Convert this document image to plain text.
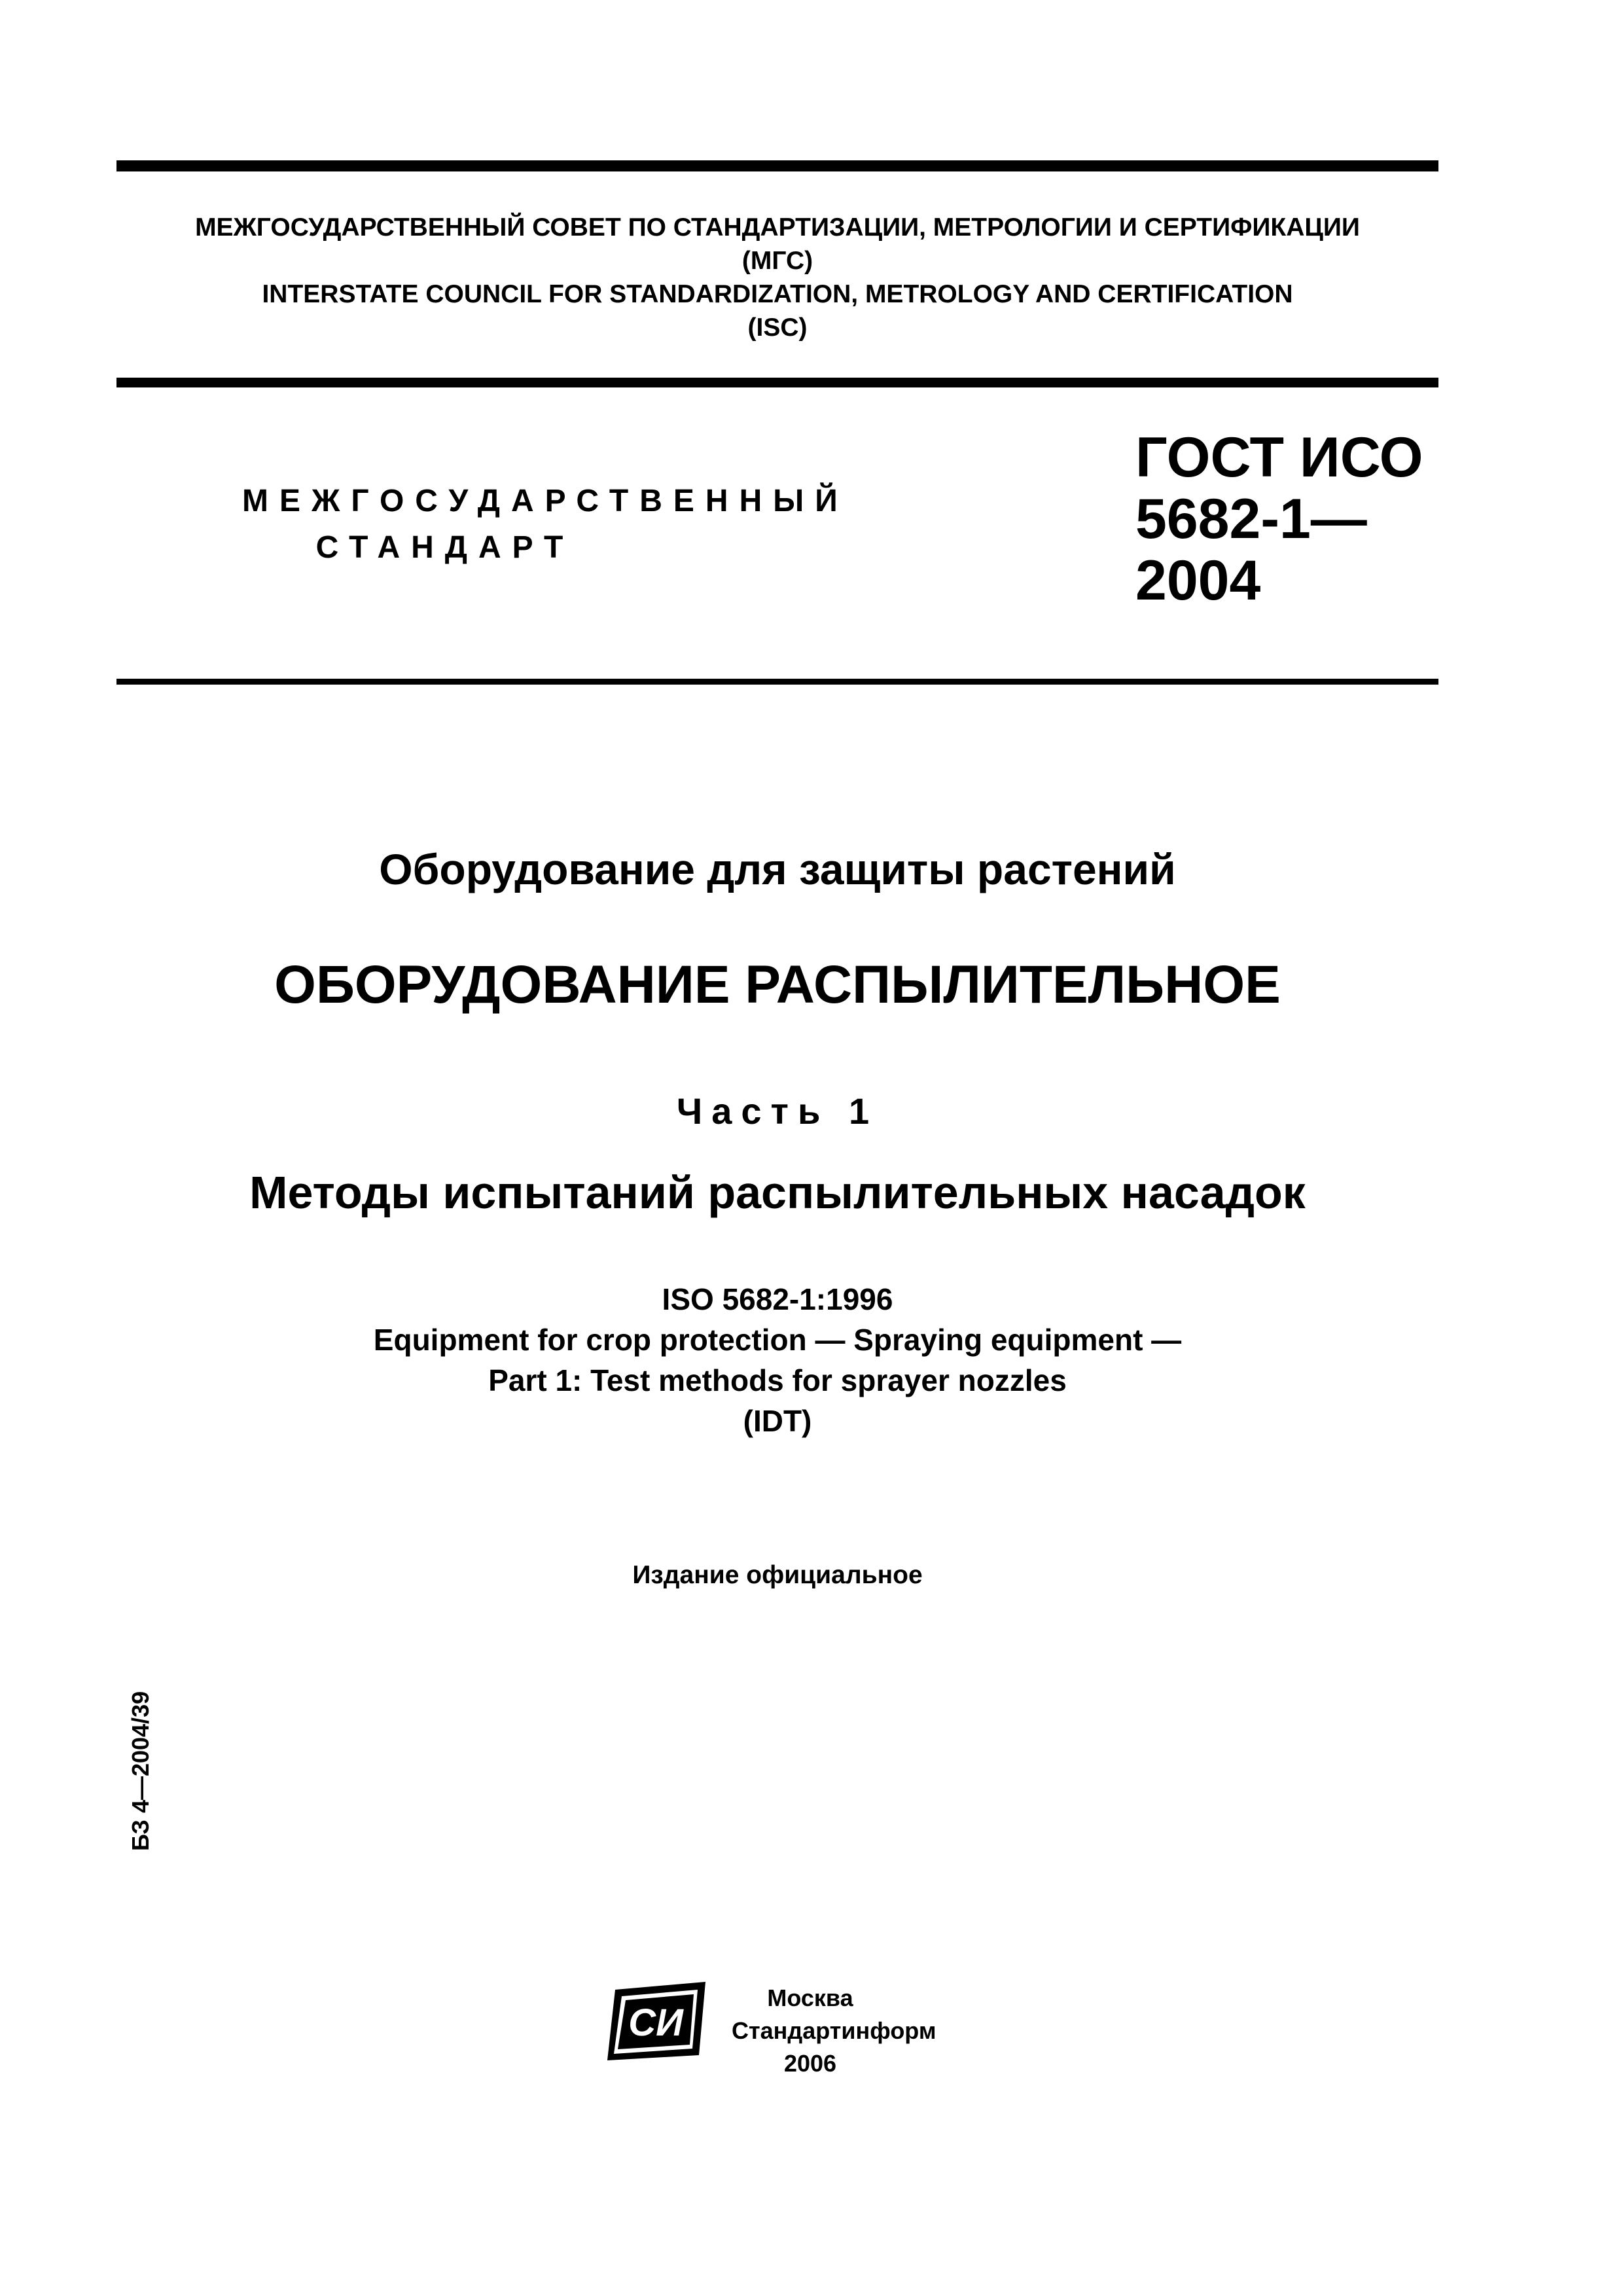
МЕЖГОСУДАРСТВЕННЫЙ СОВЕТ ПО СТАНДАРТИЗАЦИИ, МЕТРОЛОГИИ И СЕРТИФИКАЦИИ
(МГС)
INTERSTATE COUNCIL FOR STANDARDIZATION, METROLOGY AND CERTIFICATION
(ISC)
МЕЖГОСУДАРСТВЕННЫЙ
СТАНДАРТ
ГОСТ ИСО
5682-1—
2004
Оборудование для защиты растений
ОБОРУДОВАНИЕ РАСПЫЛИТЕЛЬНОЕ
Часть 1
Методы испытаний распылительных насадок
ISO 5682-1:1996
Equipment for crop protection — Spraying equipment —
Part 1: Test methods for sprayer nozzles
(IDT)
Издание официальное
БЗ 4—2004/39
СИ
Москва
Стандартинформ
2006
